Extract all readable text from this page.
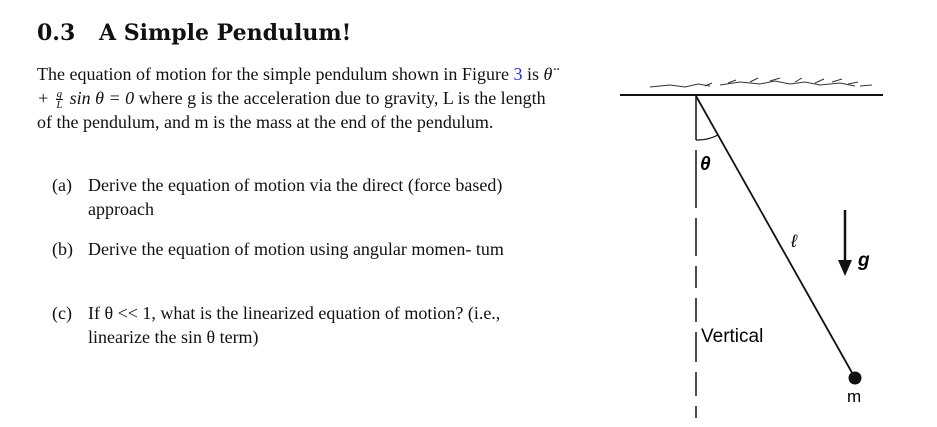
0.3 A Simple Pendulum!
The equation of motion for the simple pendulum shown in Figure 3 is θ̈ + $\frac{g}{L}$ sin θ = 0 where g is the acceleration due to gravity, L is the length of the pendulum, and m is the mass at the end of the pendulum.
(a) Derive the equation of motion via the direct (force based) approach
(b) Derive the equation of motion using angular momen- tum
(c) If θ << 1, what is the linearized equation of motion? (i.e., linearize the sin θ term)
θ
ℓ
g
Vertical
m
